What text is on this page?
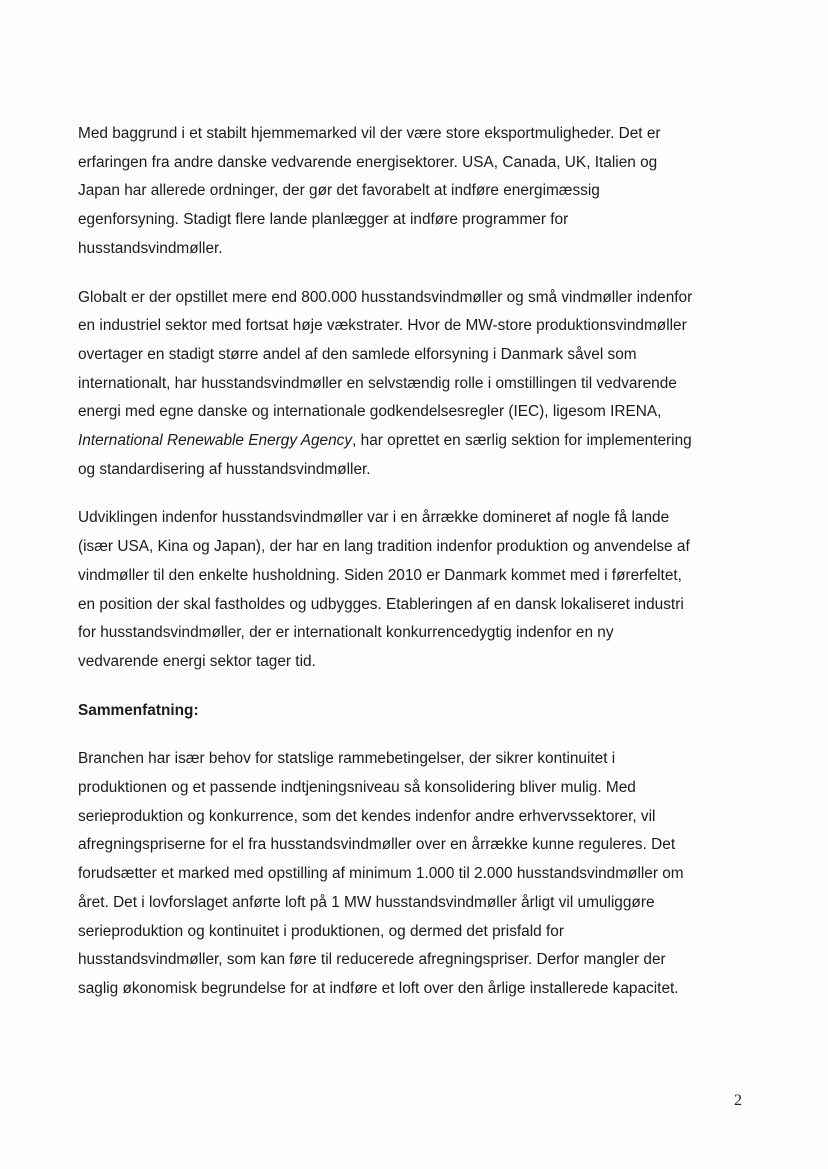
Med baggrund i et stabilt hjemmemarked vil der være store eksportmuligheder. Det er
erfaringen fra andre danske vedvarende energisektorer. USA, Canada, UK, Italien og
Japan har allerede ordninger, der gør det favorabelt at indføre energimæssig
egenforsyning. Stadigt flere lande planlægger at indføre programmer for
husstandsvindmøller.

Globalt er der opstillet mere end 800.000 husstandsvindmøller og små vindmøller indenfor
en industriel sektor med fortsat høje vækstrater. Hvor de MW-store produktionsvindmøller
overtager en stadigt større andel af den samlede elforsyning i Danmark såvel som
internationalt, har husstandsvindmøller en selvstændig rolle i omstillingen til vedvarende
energi med egne danske og internationale godkendelsesregler (IEC), ligesom IRENA,
International Renewable Energy Agency, har oprettet en særlig sektion for implementering
og standardisering af husstandsvindmøller.

Udviklingen indenfor husstandsvindmøller var i en årrække domineret af nogle få lande
(især USA, Kina og Japan), der har en lang tradition indenfor produktion og anvendelse af
vindmøller til den enkelte husholdning. Siden 2010 er Danmark kommet med i førerfeltet,
en position der skal fastholdes og udbygges. Etableringen af en dansk lokaliseret industri
for husstandsvindmøller, der er internationalt konkurrencedygtig indenfor en ny
vedvarende energi sektor tager tid.

Sammenfatning:

Branchen har især behov for statslige rammebetingelser, der sikrer kontinuitet i
produktionen og et passende indtjeningsniveau så konsolidering bliver mulig. Med
serieproduktion og konkurrence, som det kendes indenfor andre erhvervssektorer, vil
afregningspriserne for el fra husstandsvindmøller over en årrække kunne reguleres. Det
forudsætter et marked med opstilling af minimum 1.000 til 2.000 husstandsvindmøller om
året. Det i lovforslaget anførte loft på 1 MW husstandsvindmøller årligt vil umuliggøre
serieproduktion og kontinuitet i produktionen, og dermed det prisfald for
husstandsvindmøller, som kan føre til reducerede afregningspriser. Derfor mangler der
saglig økonomisk begrundelse for at indføre et loft over den årlige installerede kapacitet.

2
